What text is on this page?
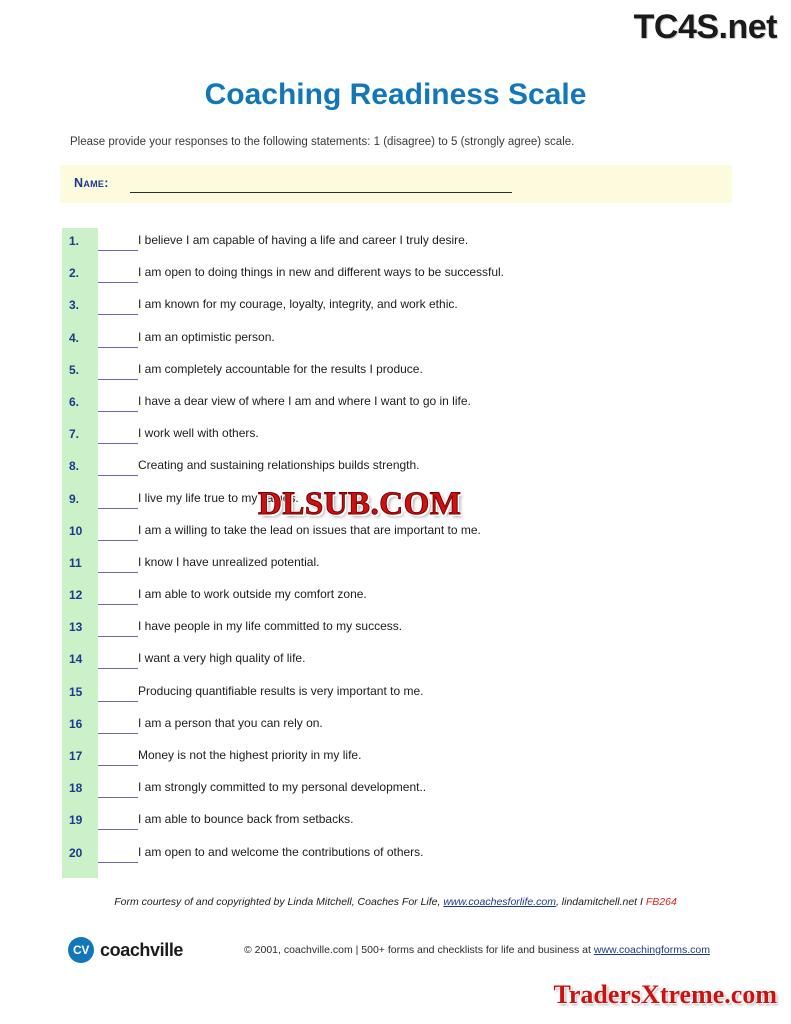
TC4S.net
Coaching Readiness Scale
Please provide your responses to the following statements: 1 (disagree) to 5 (strongly agree) scale.
Name:
1.	I believe I am capable of having a life and career I truly desire.
2.	I am open to doing things in new and different ways to be successful.
3.	I am known for my courage, loyalty, integrity, and work ethic.
4.	I am an optimistic person.
5.	I am completely accountable for the results I produce.
6.	I have a dear view of where I am and where I want to go in life.
7.	I work well with others.
8.	Creating and sustaining relationships builds strength.
9.	I live my life true to my values.
10	I am a willing to take the lead on issues that are important to me.
11	I know I have unrealized potential.
12	I am able to work outside my comfort zone.
13	I have people in my life committed to my success.
14	I want a very high quality of life.
15	Producing quantifiable results is very important to me.
16	I am a person that you can rely on.
17	Money is not the highest priority in my life.
18	I am strongly committed to my personal development..
19	I am able to bounce back from setbacks.
20	I am open to and welcome the contributions of others.
DLSUB.COM
Form courtesy of and copyrighted by Linda Mitchell, Coaches For Life, www.coachesforlife.com, lindamitchell.net I FB264
CV coachville	© 2001, coachville.com | 500+ forms and checklists for life and business at www.coachingforms.com
TradersXtreme.com
